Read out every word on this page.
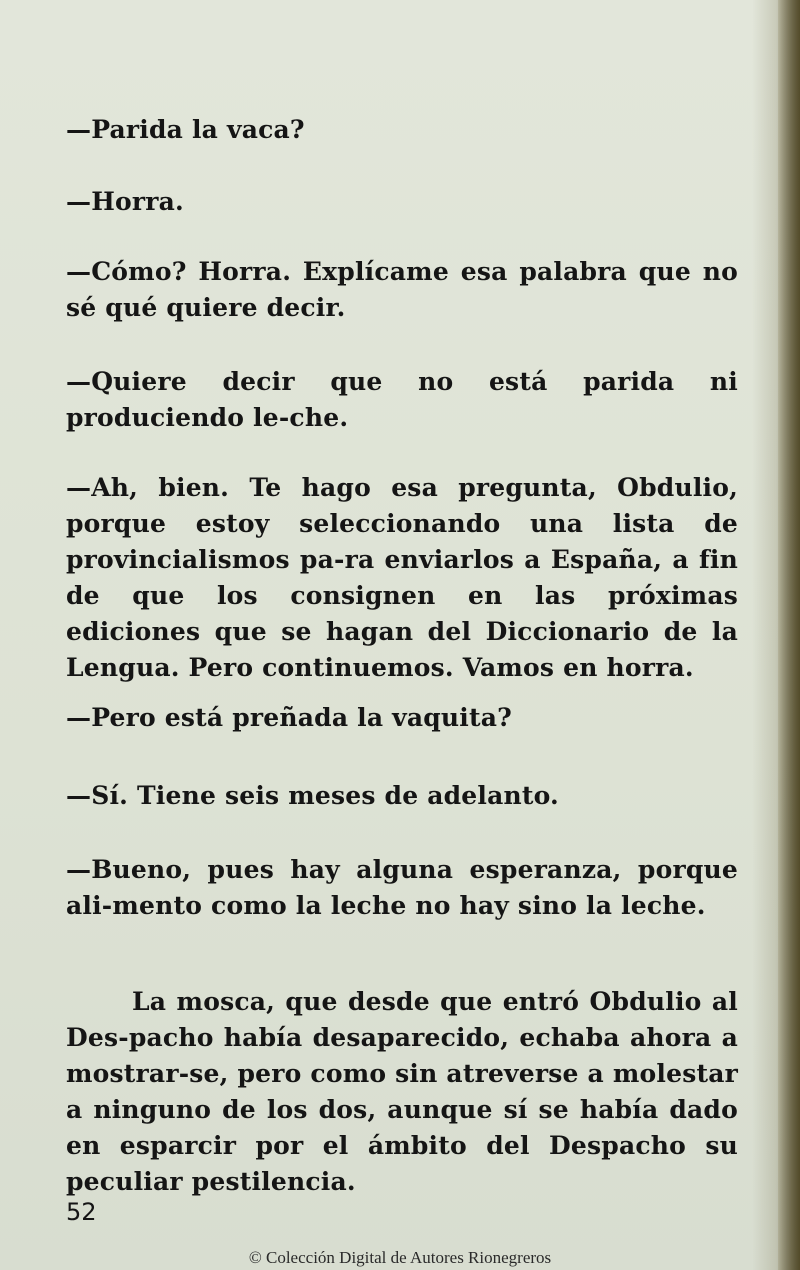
—Parida la vaca?

—Horra.

—Cómo? Horra. Explícame esa palabra que no sé qué quiere decir.

—Quiere decir que no está parida ni produciendo le-che.

—Ah, bien. Te hago esa pregunta, Obdulio, porque estoy seleccionando una lista de provincialismos pa-ra enviarlos a España, a fin de que los consignen en las próximas ediciones que se hagan del Diccionario de la Lengua. Pero continuemos. Vamos en horra.

—Pero está preñada la vaquita?

—Sí. Tiene seis meses de adelanto.

—Bueno, pues hay alguna esperanza, porque ali-mento como la leche no hay sino la leche.

La mosca, que desde que entró Obdulio al Des-pacho había desaparecido, echaba ahora a mostrar-se, pero como sin atreverse a molestar a ninguno de los dos, aunque sí se había dado en esparcir por el ámbito del Despacho su peculiar pestilencia.

52
© Colección Digital de Autores Rionegreros
